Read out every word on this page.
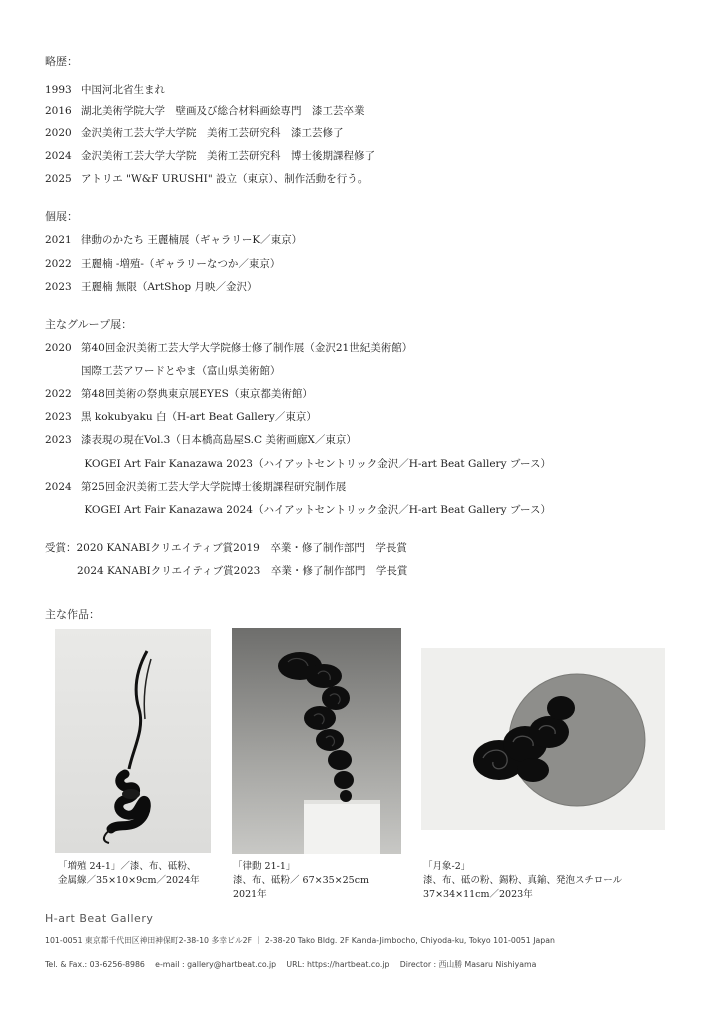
略歴：
1993 中国河北省生まれ
2016 湖北美術学院大学　壁画及び総合材料画絵専門　漆工芸卒業
2020 金沢美術工芸大学大学院　美術工芸研究科　漆工芸修了
2024 金沢美術工芸大学大学院　美術工芸研究科　博士後期課程修了
2025 アトリエ "W&F URUSHI" 設立（東京）、制作活動を行う。
個展：
2021 律動のかたち 王麗楠展（ギャラリーK／東京）
2022 王麗楠 -増殖-（ギャラリーなつか／東京）
2023 王麗楠 無限（ArtShop 月映／金沢）
主なグループ展：
2020 第40回金沢美術工芸大学大学院修士修了制作展（金沢21世紀美術館）
国際工芸アワードとやま（富山県美術館）
2022 第48回美術の祭典東京展EYES（東京都美術館）
2023 黒 kokubyaku 白（H-art Beat Gallery／東京）
2023 漆表現の現在Vol.3（日本橋高島屋S.C 美術画廊X／東京）
KOGEI Art Fair Kanazawa 2023（ハイアットセントリック金沢／H-art Beat Gallery ブース）
2024 第25回金沢美術工芸大学大学院博士後期課程研究制作展
KOGEI Art Fair Kanazawa 2024（ハイアットセントリック金沢／H-art Beat Gallery ブース）
受賞：2020 KANABIクリエイティブ賞2019　卒業・修了制作部門　学長賞
2024 KANABIクリエイティブ賞2023　卒業・修了制作部門　学長賞
主な作品：
「増殖 24-1」／漆、布、砥粉、
金属線／35×10×9cm／2024年
「律動 21-1」
漆、布、砥粉／ 67×35×25cm
2021年
「月象-2」
漆、布、砥の粉、錫粉、真鍮、発泡スチロール
37×34×11cm／2023年
H-art Beat Gallery
101-0051 東京都千代田区神田神保町2-38-10 多幸ビル2F ｜ 2-38-20 Tako Bldg. 2F Kanda-Jimbocho, Chiyoda-ku, Tokyo 101-0051 Japan
Tel. & Fax.: 03-6256-8986　 e-mail : gallery@hartbeat.co.jp　 URL: https://hartbeat.co.jp　 Director : 西山勝 Masaru Nishiyama
